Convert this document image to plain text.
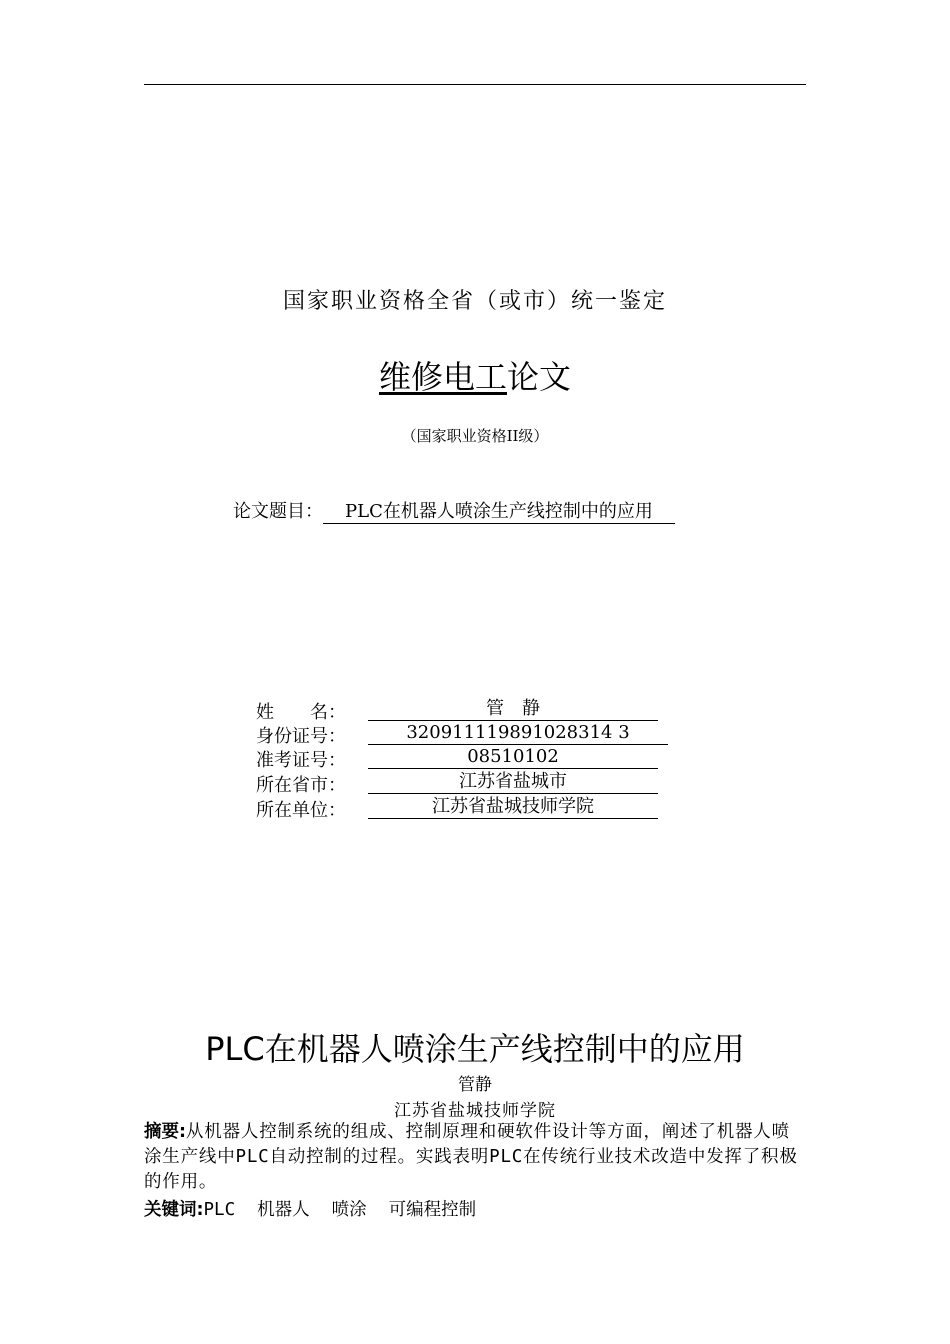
国家职业资格全省（或市）统一鉴定
维修电工论文
（国家职业资格II级）
论文题目： PLC在机器人喷涂生产线控制中的应用
姓　　名：	管　静
身份证号：	320911119891028314 3
准考证号：	08510102
所在省市：	江苏省盐城市
所在单位：	江苏省盐城技师学院
PLC在机器人喷涂生产线控制中的应用
管静
江苏省盐城技师学院
摘要:从机器人控制系统的组成、控制原理和硬软件设计等方面，阐述了机器人喷涂生产线中PLC自动控制的过程。实践表明PLC在传统行业技术改造中发挥了积极的作用。
关键词:PLC 机器人 喷涂 可编程控制
